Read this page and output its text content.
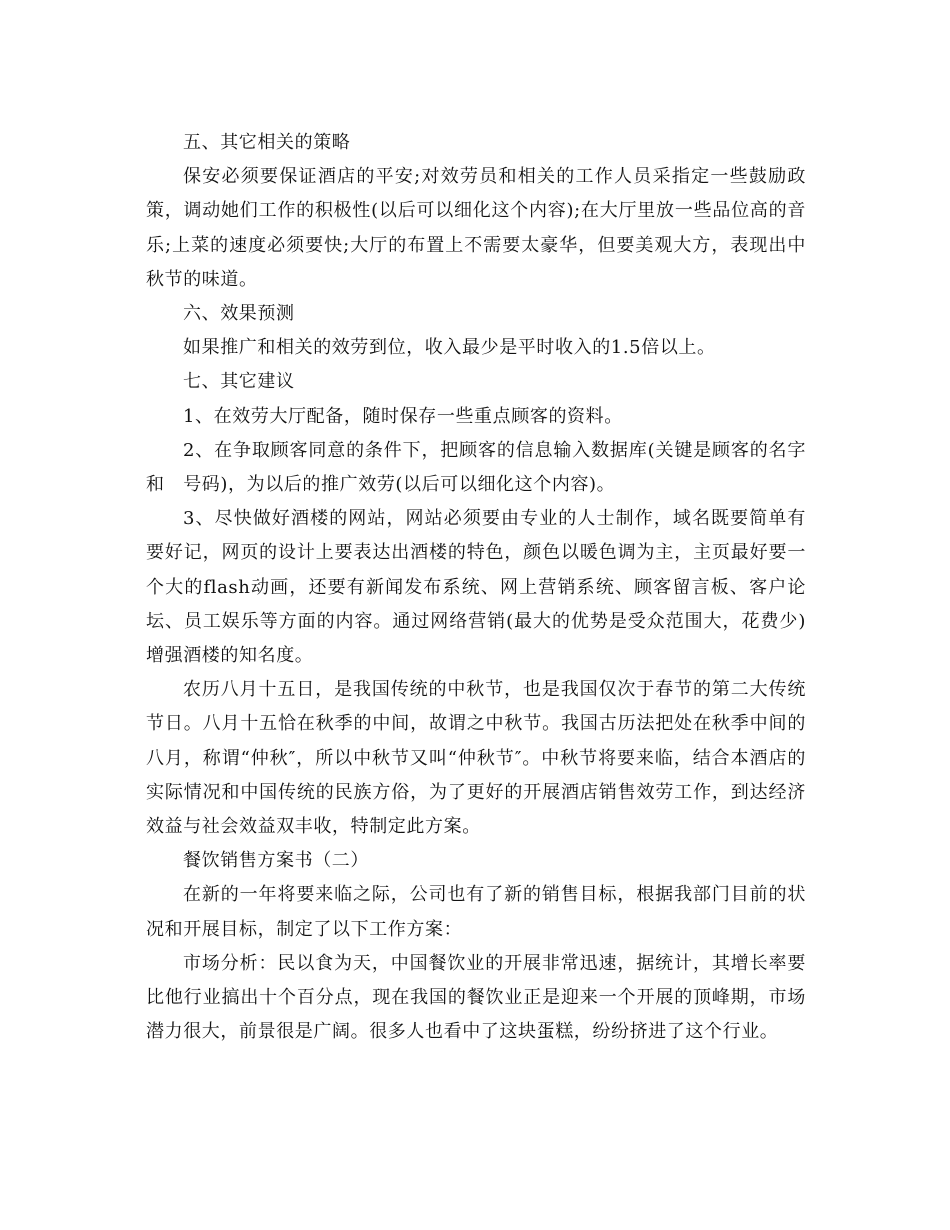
五、其它相关的策略

保安必须要保证酒店的平安;对效劳员和相关的工作人员采指定一些鼓励政策，调动她们工作的积极性(以后可以细化这个内容);在大厅里放一些品位高的音乐;上菜的速度必须要快;大厅的布置上不需要太豪华，但要美观大方，表现出中秋节的味道。

六、效果预测

如果推广和相关的效劳到位，收入最少是平时收入的1.5倍以上。

七、其它建议

1、在效劳大厅配备，随时保存一些重点顾客的资料。

2、在争取顾客同意的条件下，把顾客的信息输入数据库(关键是顾客的名字和　号码)，为以后的推广效劳(以后可以细化这个内容)。

3、尽快做好酒楼的网站，网站必须要由专业的人士制作，域名既要简单有要好记，网页的设计上要表达出酒楼的特色，颜色以暖色调为主，主页最好要一个大的flash动画，还要有新闻发布系统、网上营销系统、顾客留言板、客户论坛、员工娱乐等方面的内容。通过网络营销(最大的优势是受众范围大，花费少)增强酒楼的知名度。

农历八月十五日，是我国传统的中秋节，也是我国仅次于春节的第二大传统节日。八月十五恰在秋季的中间，故谓之中秋节。我国古历法把处在秋季中间的八月，称谓“仲秋″，所以中秋节又叫“仲秋节″。中秋节将要来临，结合本酒店的实际情况和中国传统的民族方俗，为了更好的开展酒店销售效劳工作，到达经济效益与社会效益双丰收，特制定此方案。

餐饮销售方案书（二）

在新的一年将要来临之际，公司也有了新的销售目标，根据我部门目前的状况和开展目标，制定了以下工作方案：

市场分析：民以食为天，中国餐饮业的开展非常迅速，据统计，其增长率要比他行业搞出十个百分点，现在我国的餐饮业正是迎来一个开展的顶峰期，市场潜力很大，前景很是广阔。很多人也看中了这块蛋糕，纷纷挤进了这个行业。
